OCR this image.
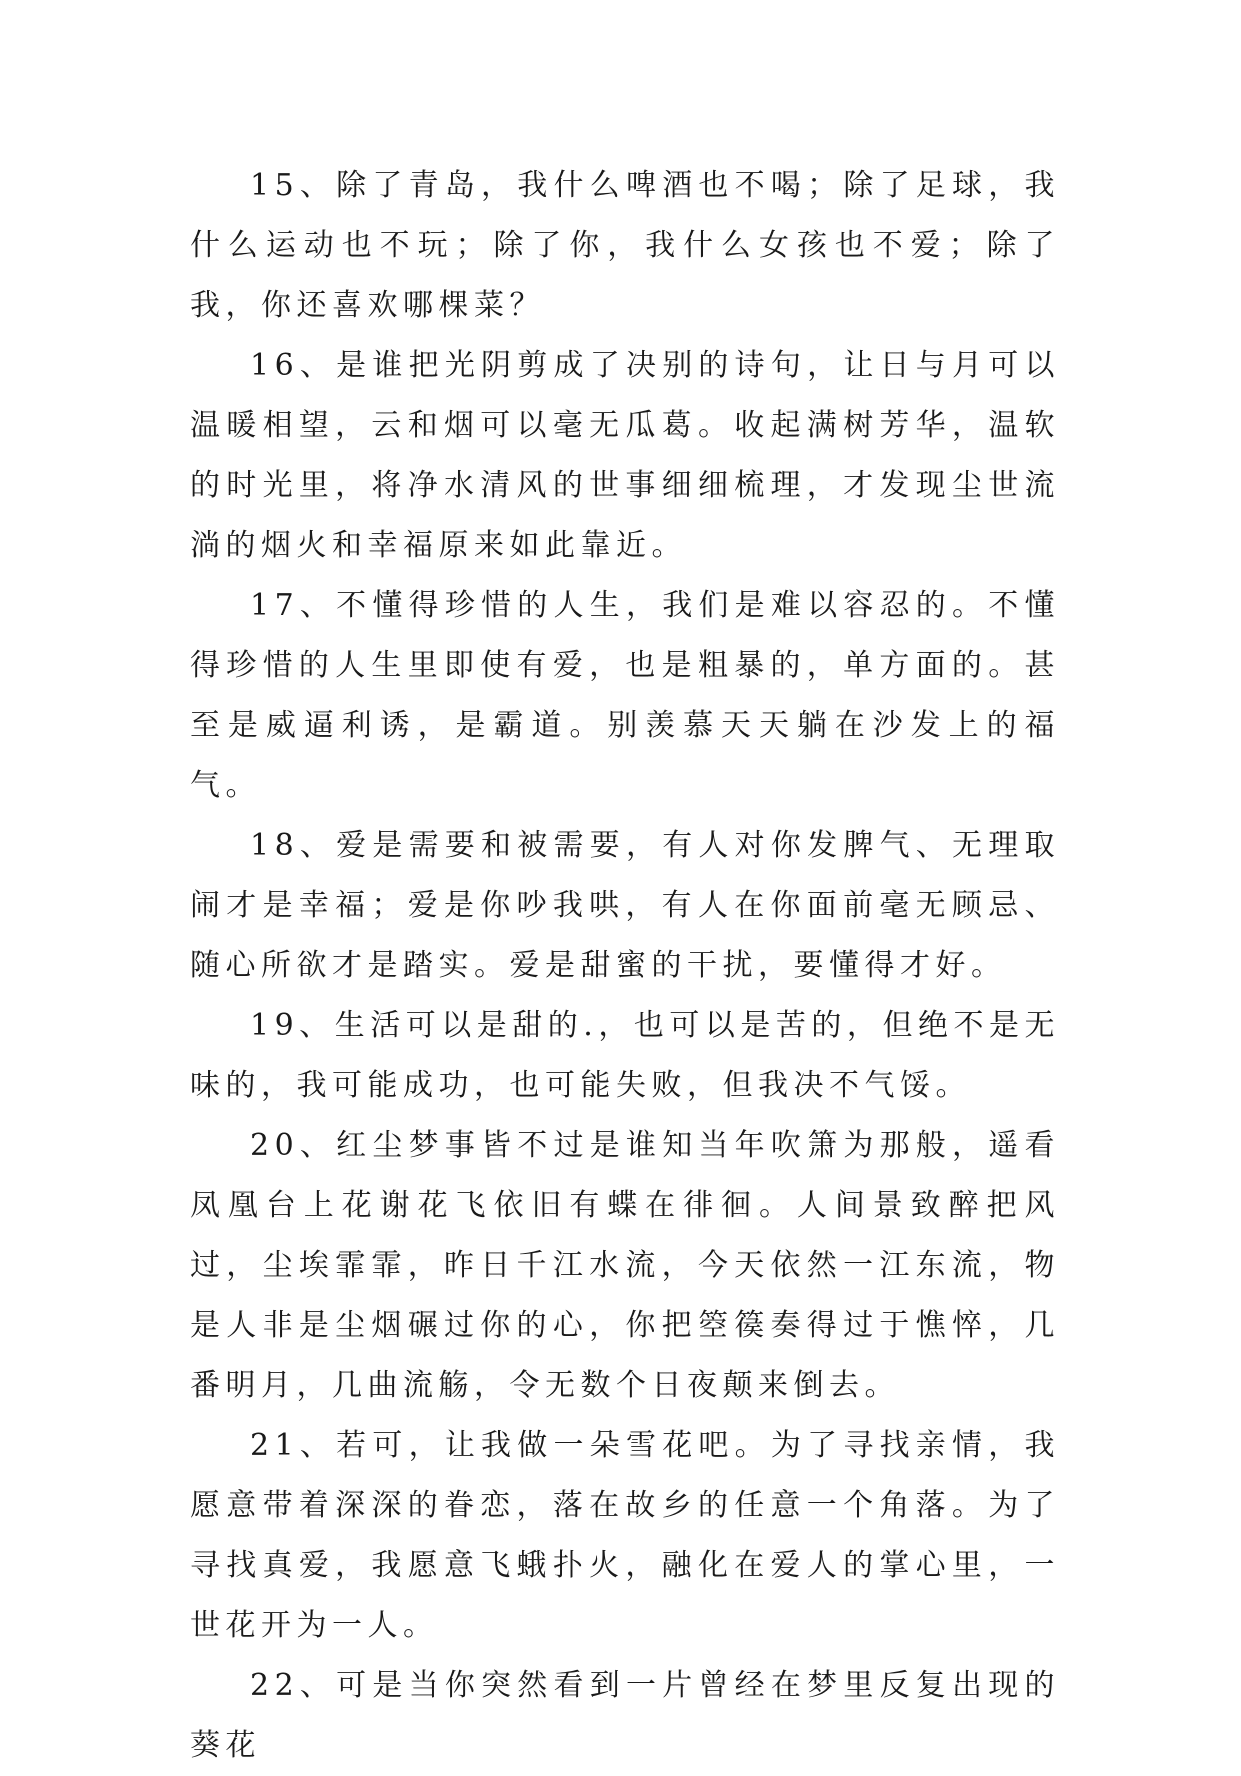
15、除了青岛，我什么啤酒也不喝；除了足球，我什么运动也不玩；除了你，我什么女孩也不爱；除了我，你还喜欢哪棵菜？

16、是谁把光阴剪成了决别的诗句，让日与月可以温暖相望，云和烟可以毫无瓜葛。收起满树芳华，温软的时光里，将净水清风的世事细细梳理，才发现尘世流淌的烟火和幸福原来如此靠近。

17、不懂得珍惜的人生，我们是难以容忍的。不懂得珍惜的人生里即使有爱，也是粗暴的，单方面的。甚至是威逼利诱，是霸道。别羡慕天天躺在沙发上的福气。

18、爱是需要和被需要，有人对你发脾气、无理取闹才是幸福；爱是你吵我哄，有人在你面前毫无顾忌、随心所欲才是踏实。爱是甜蜜的干扰，要懂得才好。

19、生活可以是甜的.，也可以是苦的，但绝不是无味的，我可能成功，也可能失败，但我决不气馁。

20、红尘梦事皆不过是谁知当年吹箫为那般，遥看凤凰台上花谢花飞依旧有蝶在徘徊。人间景致醉把风过，尘埃霏霏，昨日千江水流，今天依然一江东流，物是人非是尘烟碾过你的心，你把箜篌奏得过于憔悴，几番明月，几曲流觞，令无数个日夜颠来倒去。

21、若可，让我做一朵雪花吧。为了寻找亲情，我愿意带着深深的眷恋，落在故乡的任意一个角落。为了寻找真爱，我愿意飞蛾扑火，融化在爱人的掌心里，一世花开为一人。

22、可是当你突然看到一片曾经在梦里反复出现的葵花
